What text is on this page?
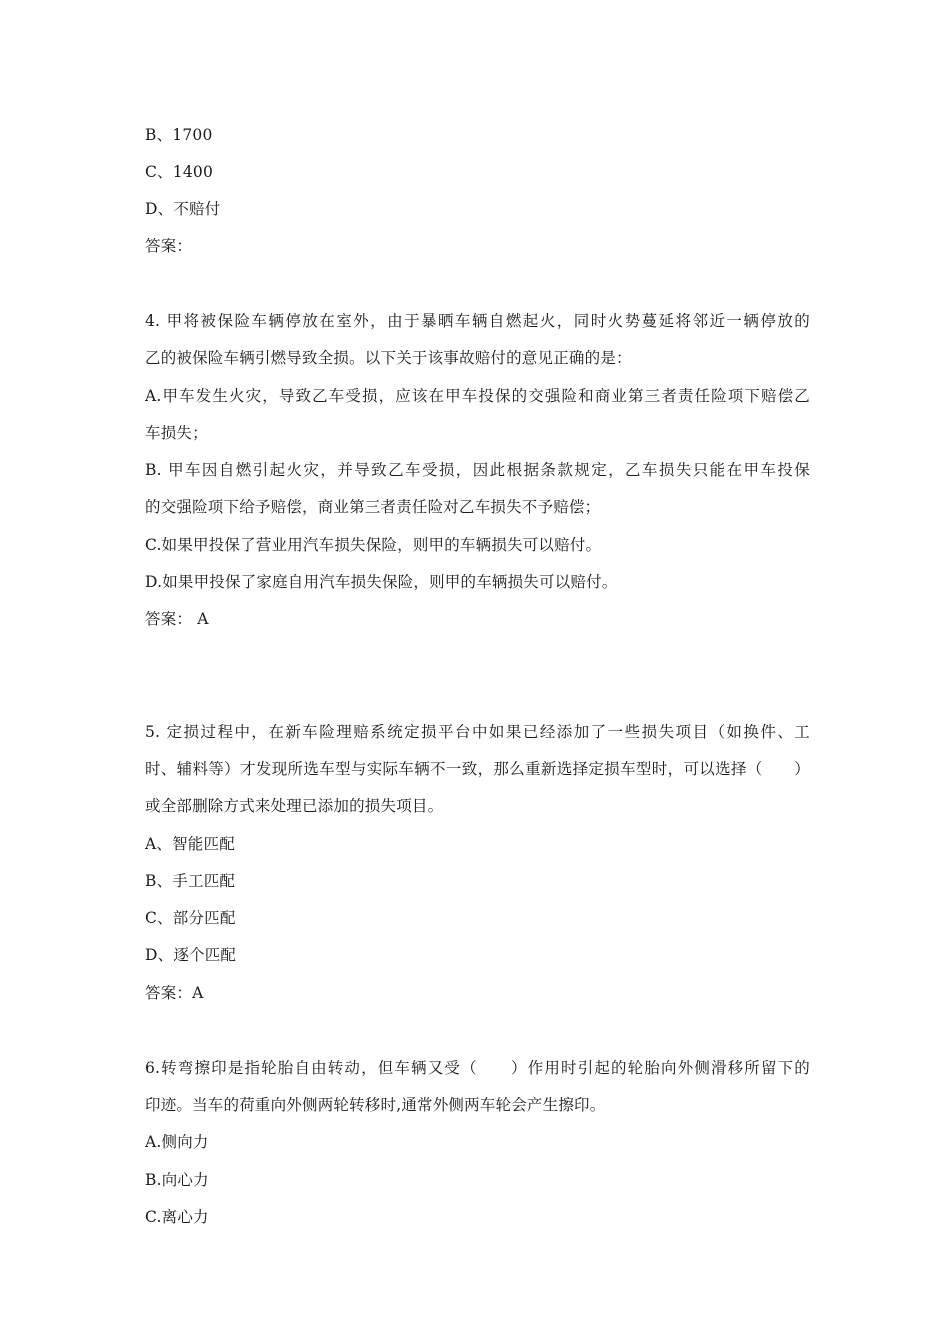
B、1700
C、1400
D、不赔付
答案：
4. 甲将被保险车辆停放在室外，由于暴晒车辆自燃起火，同时火势蔓延将邻近一辆停放的
乙的被保险车辆引燃导致全损。以下关于该事故赔付的意见正确的是：
A.甲车发生火灾，导致乙车受损，应该在甲车投保的交强险和商业第三者责任险项下赔偿乙
车损失；
B. 甲车因自燃引起火灾，并导致乙车受损，因此根据条款规定，乙车损失只能在甲车投保
的交强险项下给予赔偿，商业第三者责任险对乙车损失不予赔偿；
C.如果甲投保了营业用汽车损失保险，则甲的车辆损失可以赔付。
D.如果甲投保了家庭自用汽车损失保险，则甲的车辆损失可以赔付。
答案： A
5. 定损过程中，在新车险理赔系统定损平台中如果已经添加了一些损失项目（如换件、工
时、辅料等）才发现所选车型与实际车辆不一致，那么重新选择定损车型时，可以选择（　　）
或全部删除方式来处理已添加的损失项目。
A、智能匹配
B、手工匹配
C、部分匹配
D、逐个匹配
答案：A
6.转弯擦印是指轮胎自由转动，但车辆又受（　　）作用时引起的轮胎向外侧滑移所留下的
印迹。当车的荷重向外侧两轮转移时,通常外侧两车轮会产生擦印。
A.侧向力
B.向心力
C.离心力
